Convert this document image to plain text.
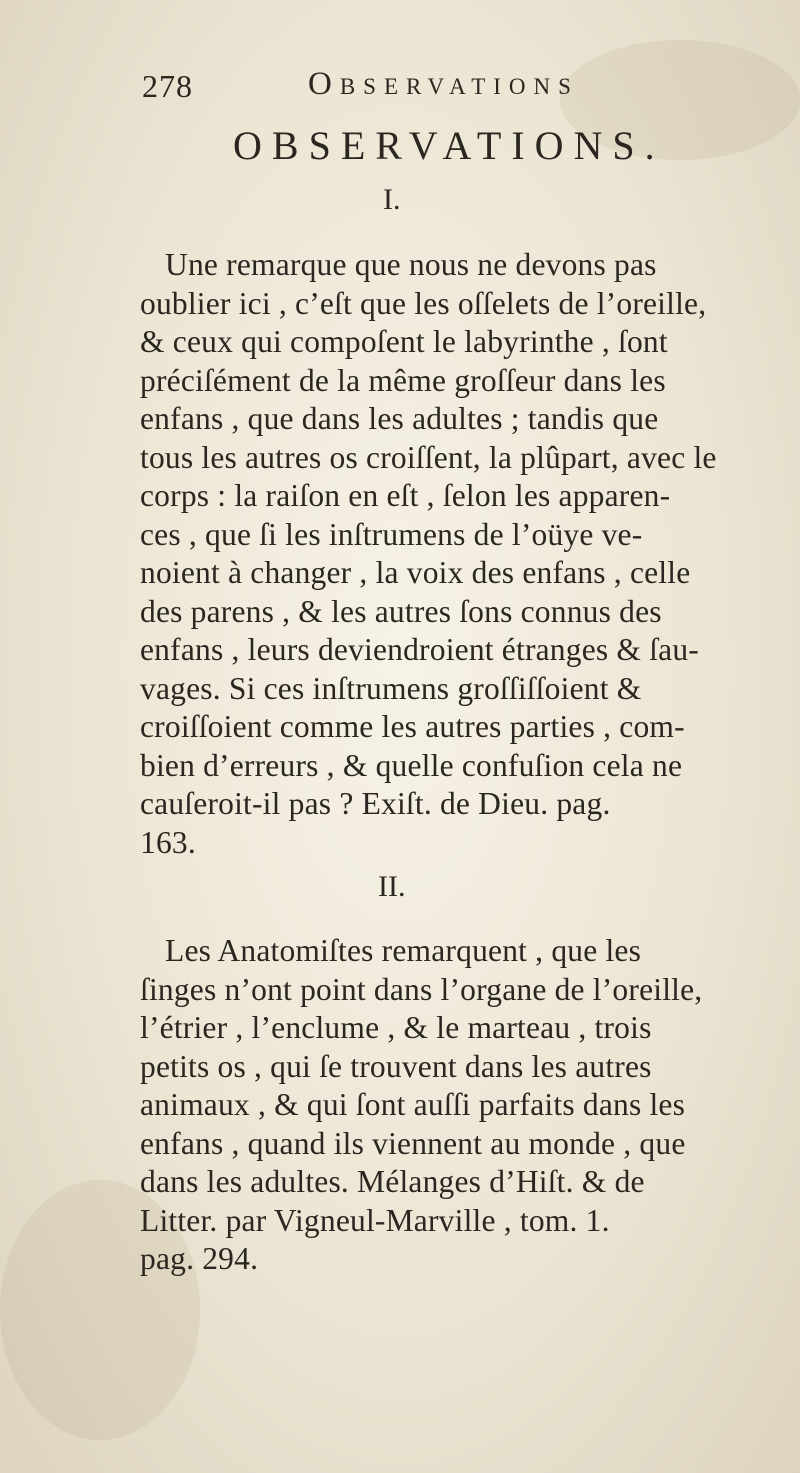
278	Observations
OBSERVATIONS.
I.
Une remarque que nous ne devons pas
oublier ici , c’eſt que les oſſelets de l’oreille,
& ceux qui compoſent le labyrinthe , ſont
préciſément de la même groſſeur dans les
enfans , que dans les adultes ; tandis que
tous les autres os croiſſent, la plûpart, avec le
corps : la raiſon en eſt , ſelon les apparen-
ces , que ſi les inſtrumens de l’oüye ve-
noient à changer , la voix des enfans , celle
des parens , & les autres ſons connus des
enfans , leurs deviendroient étranges & ſau-
vages. Si ces inſtrumens groſſiſſoient &
croiſſoient comme les autres parties , com-
bien d’erreurs , & quelle confuſion cela ne
cauſeroit-il pas ? Exiſt. de Dieu. pag.
163.
II.
Les Anatomiſtes remarquent , que les
ſinges n’ont point dans l’organe de l’oreille,
l’étrier , l’enclume , & le marteau , trois
petits os , qui ſe trouvent dans les autres
animaux , & qui ſont auſſi parfaits dans les
enfans , quand ils viennent au monde , que
dans les adultes. Mélanges d’Hiſt. & de
Litter. par Vigneul-Marville , tom. 1.
pag. 294.
